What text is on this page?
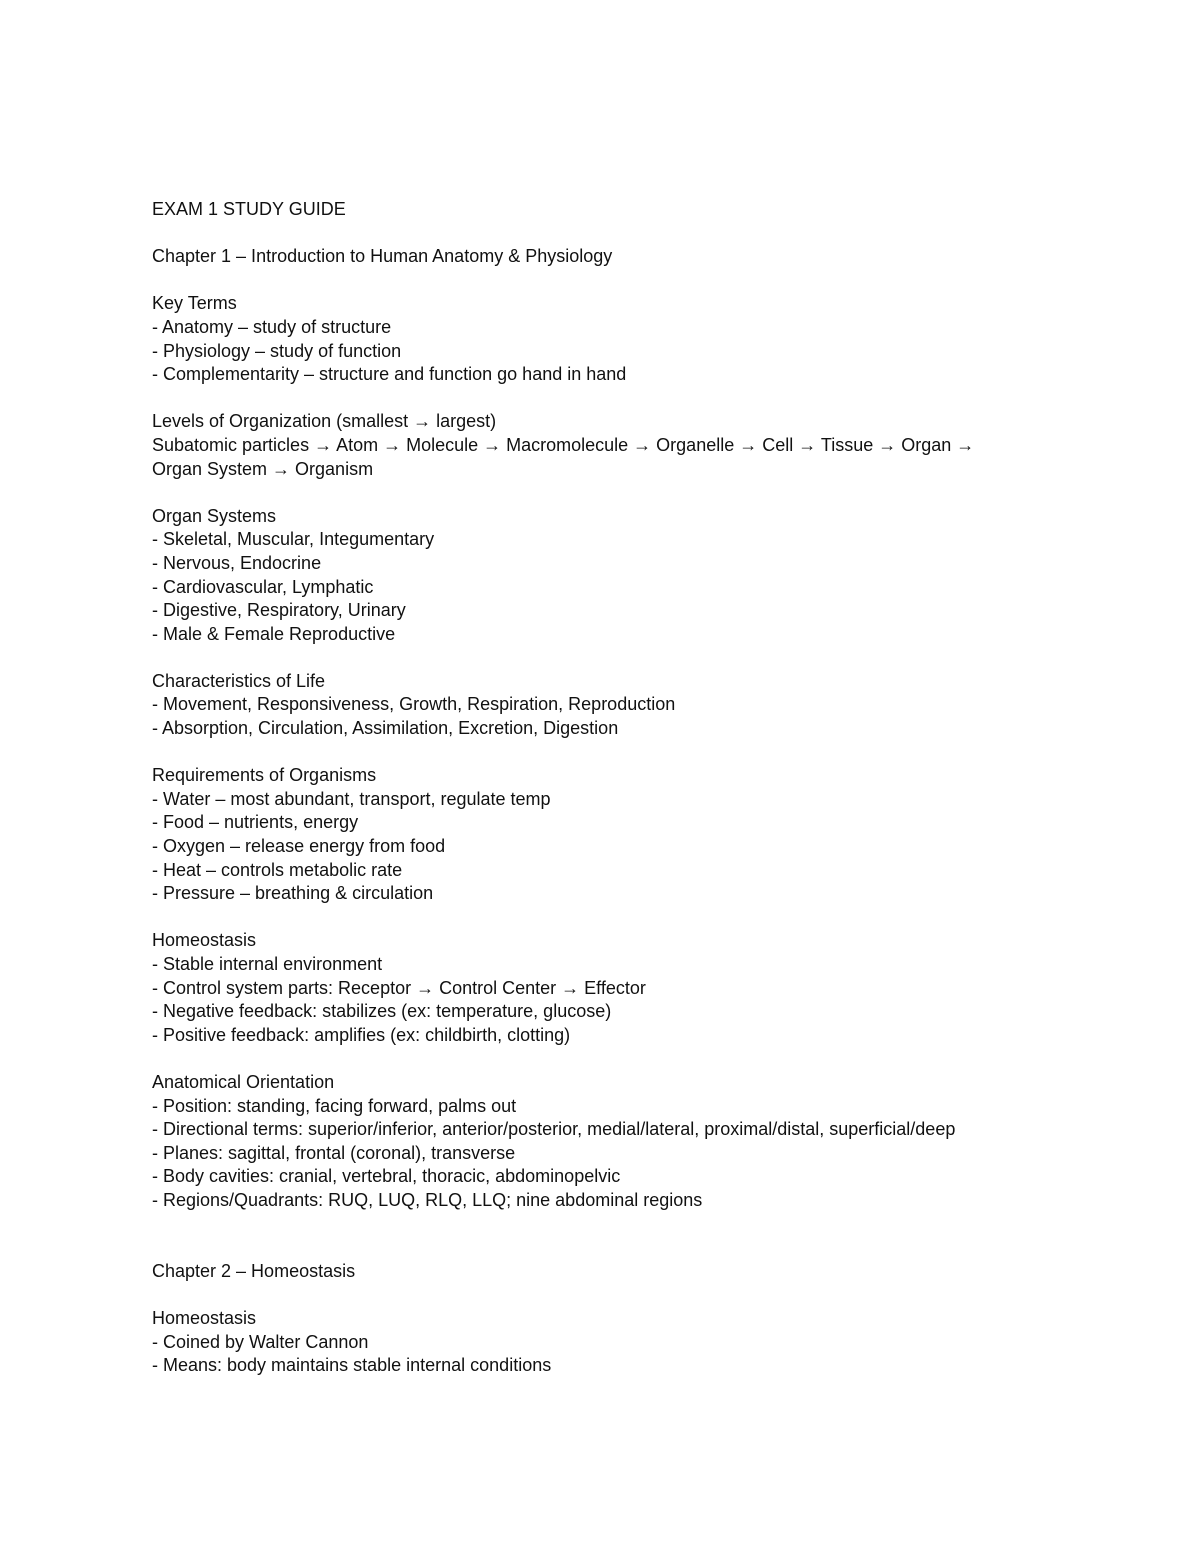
EXAM 1 STUDY GUIDE

Chapter 1 – Introduction to Human Anatomy & Physiology

Key Terms

- Anatomy – study of structure

- Physiology – study of function

- Complementarity – structure and function go hand in hand

Levels of Organization (smallest → largest)

Subatomic particles → Atom → Molecule → Macromolecule → Organelle → Cell → Tissue → Organ →

Organ System → Organism

Organ Systems

- Skeletal, Muscular, Integumentary

- Nervous, Endocrine

- Cardiovascular, Lymphatic

- Digestive, Respiratory, Urinary

- Male & Female Reproductive

Characteristics of Life

- Movement, Responsiveness, Growth, Respiration, Reproduction

- Absorption, Circulation, Assimilation, Excretion, Digestion

Requirements of Organisms

- Water – most abundant, transport, regulate temp

- Food – nutrients, energy

- Oxygen – release energy from food

- Heat – controls metabolic rate

- Pressure – breathing & circulation

Homeostasis

- Stable internal environment

- Control system parts: Receptor → Control Center → Effector

- Negative feedback: stabilizes (ex: temperature, glucose)

- Positive feedback: amplifies (ex: childbirth, clotting)

Anatomical Orientation

- Position: standing, facing forward, palms out

- Directional terms: superior/inferior, anterior/posterior, medial/lateral, proximal/distal, superficial/deep

- Planes: sagittal, frontal (coronal), transverse

- Body cavities: cranial, vertebral, thoracic, abdominopelvic

- Regions/Quadrants: RUQ, LUQ, RLQ, LLQ; nine abdominal regions

Chapter 2 – Homeostasis

Homeostasis

- Coined by Walter Cannon

- Means: body maintains stable internal conditions
